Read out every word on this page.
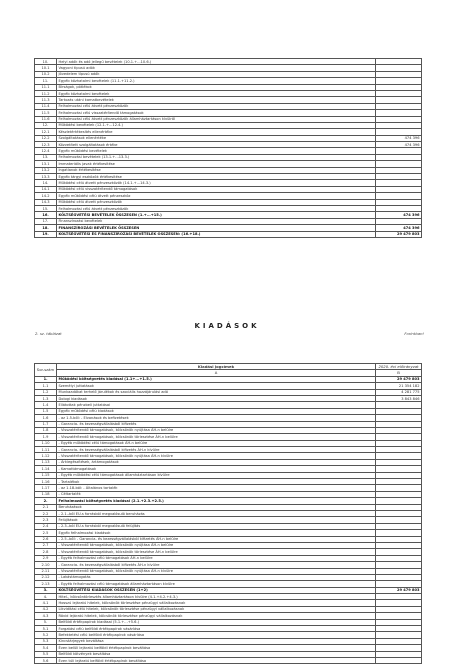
10.	Helyi adók és adó jellegű bevételek (10.1.+...10.6.)	
10.1	Vagyoni tipusú adók	
10.2	Jövedelem típusú adók	
11.	Egyéb közhatalmi bevételek (11.1.+11.2.)	
11.1	Bírságok, pótlékok	
11.2	Egyéb közhatalmi bevételek	
11.3	Tartozás utáni kamatbevételek	
11.4	Felhalmozási célú átvett pénzeszközök	
11.5	Felhalmozási célú visszatérítendő támogatások	
11.6	Felhalmozási célú átvett pénzeszközök államháztartáson kívülről	
12.	Működési bevételek (12.1.+...12.4.)	
12.1	Készletértékesítés ellenértéke	
12.2	Szolgáltatások ellenértéke	474 396
12.3	Közvetített szolgáltatások értéke	474 396
12.4	Egyéb működési bevételek	
13.	Felhalmozási bevételek (13.1.+...13.3.)	
13.1	Immateriális javak értékesítése	
13.2	Ingatlanok értékesítése	
13.3	Egyéb tárgyi eszközök értékesítése	
14.	Működési célú átvett pénzeszközök (14.1.+...14.3.)	
14.1	Működési célú visszatérítendő támogatások	
14.2	Egyéb működési célú átvett pénzeszköz	
14.3	Működési célú átvett pénzeszközök	
15.	Felhalmozási célú átvett pénzeszközök	
16.	KÖLTSÉGVETÉSI BEVÉTELEK ÖSSZESEN (1.+...+15.)	474 396
17.	Finanszírozási bevételek	
18.	FINANSZÍROZÁSI BEVÉTELEK ÖSSZESEN	474 396
19.	KÖLTSÉGVETÉSI ÉS FINANSZÍROZÁSI BEVÉTELEK ÖSSZESEN: (16.+18.)	29 479 803
KIADÁSOK
2. sz. táblázat	Forintban!
Sor-szám	Kiadási jogcímek	2020. évi előirányzat
	A	B
1.	Működési költségvetés kiadásai (1.1+...+1.5.)	29 479 803
1.1	Személyi juttatások	21 354 182
1.2	Munkaadókat terhelő járulékok és szociális hozzájárulási adó	4 281 775
1.3	Dologi kiadások	3 843 846
1.4	Ellátottak pénzbeli juttatásai	
1.5	Egyéb működési célú kiadások	
1.6	- az 1.5-ből: - Elvonások és befizetések	
1.7	- Garancia- és kezességvállalásból kifizetés	
1.8	- Visszatérítendő támogatások, kölcsönök nyújtása ÁH-n belülre	
1.9	- Visszatérítendő támogatások, kölcsönök törlesztése ÁH-n belülre	
1.10	- Egyéb működési célú támogatások ÁH-n belülre	
1.11	- Garancia- és kezességvállalásból kifizetés ÁH-n kívülre	
1.12	- Visszatérítendő támogatások, kölcsönök nyújtása ÁH-n kívülre	
1.13	- Árkiegészítések, ártámogatások	
1.14	- Kamattámogatások	
1.15	- Egyéb működési célú támogatások államháztartáson kívülre	
1.16	- Tartalékok	
1.17	- az 1.18-ból: - Általános tartalék	
1.18	- Céltartalék	
2.	Felhalmozási költségvetés kiadásai (2.1.+2.3.+2.5.)	
2.1	Beruházások	
2.2	- 2.1.-ből EU-s forrásból megvalósuló beruházás	
2.3	Felújítások	
2.4	- 2.3.-ból EU-s forrásból megvalósuló felújítás	
2.5	Egyéb felhalmozási kiadások	
2.6	- 2.5.-ből: - Garancia- és kezességvállalásból kifizetés ÁH-n belülre	
2.7	- Visszatérítendő támogatások, kölcsönök nyújtása ÁH-n belülre	
2.8	- Visszatérítendő támogatások, kölcsönök törlesztése ÁH-n belülre	
2.9	- Egyéb felhalmozási célú támogatások ÁH-n belülre	
2.10	- Garancia- és kezességvállalásból kifizetés ÁH-n kívülre	
2.11	- Visszatérítendő támogatások, kölcsönök nyújtása ÁH-n kívülre	
2.12	- Lakástámogatás	
2.13	- Egyéb felhalmozási célú támogatások államháztartáson kívülre	
3.	KÖLTSÉGVETÉSI KIADÁSOK ÖSSZESEN (1+2)	29 479 803
4.	Hitel-, kölcsöntörlesztés államháztartáson kívülre (4.1.+4.2.+4.3.)	
4.1	Hosszú lejáratú hitelek, kölcsönök törlesztése pénzügyi vállalkozásnak	
4.2	Likviditási célú hitelek, kölcsönök törlesztése pénzügyi vállalkozásnak	
4.3	Rövid lejáratú hitelek, kölcsönök törlesztése pénzügyi vállalkozásnak	
5.	Belföldi értékpapírok kiadásai (5.1.+...+5.6.)	
5.1	Forgatási célú belföldi értékpapírok vásárlása	
5.2	Befektetési célú belföldi értékpapírok vásárlása	
5.3	Kincstárjegyek beváltása	
5.4	Éven belüli lejáratú belföldi értékpapírok beváltása	
5.5	Belföldi kötvények beváltása	
5.6	Éven túli lejáratú belföldi értékpapírok beváltása	
